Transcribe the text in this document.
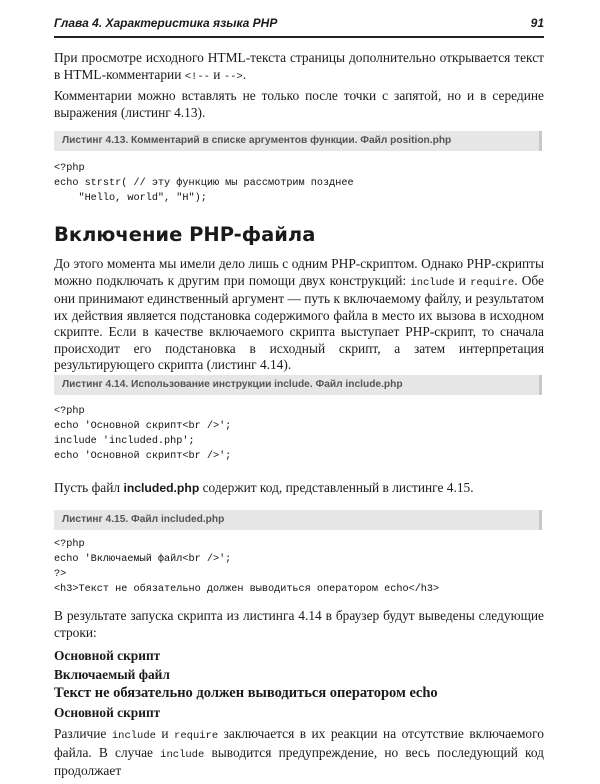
Глава 4. Характеристика языка PHP	91
При просмотре исходного HTML-текста страницы дополнительно открывается текст в HTML-комментарии <!-- и -->.
Комментарии можно вставлять не только после точки с запятой, но и в середине выражения (листинг 4.13).
Листинг 4.13. Комментарий в списке аргументов функции. Файл position.php
<?php
echo strstr( // эту функцию мы рассмотрим позднее
"Hello, world", "H");
Включение PHP-файла
До этого момента мы имели дело лишь с одним PHP-скриптом. Однако PHP-скрипты можно подключать к другим при помощи двух конструкций: include и require. Обе они принимают единственный аргумент — путь к включаемому файлу, и результатом их действия является подстановка содержимого файла в место их вызова в исходном скрипте. Если в качестве включаемого скрипта выступает PHP-скрипт, то сначала происходит его подстановка в исходный скрипт, а затем интерпретация результирующего скрипта (листинг 4.14).
Листинг 4.14. Использование инструкции include. Файл include.php
<?php
echo 'Основной скрипт<br />';
include 'included.php';
echo 'Основной скрипт<br />';
Пусть файл included.php содержит код, представленный в листинге 4.15.
Листинг 4.15. Файл included.php
<?php
echo 'Включаемый файл<br />';
?>
<h3>Текст не обязательно должен выводиться оператором echo</h3>
В результате запуска скрипта из листинга 4.14 в браузер будут выведены следующие строки:
Основной скрипт
Включаемый файл
Текст не обязательно должен выводиться оператором echo
Основной скрипт
Различие include и require заключается в их реакции на отсутствие включаемого файла. В случае include выводится предупреждение, но весь последующий код продолжает
